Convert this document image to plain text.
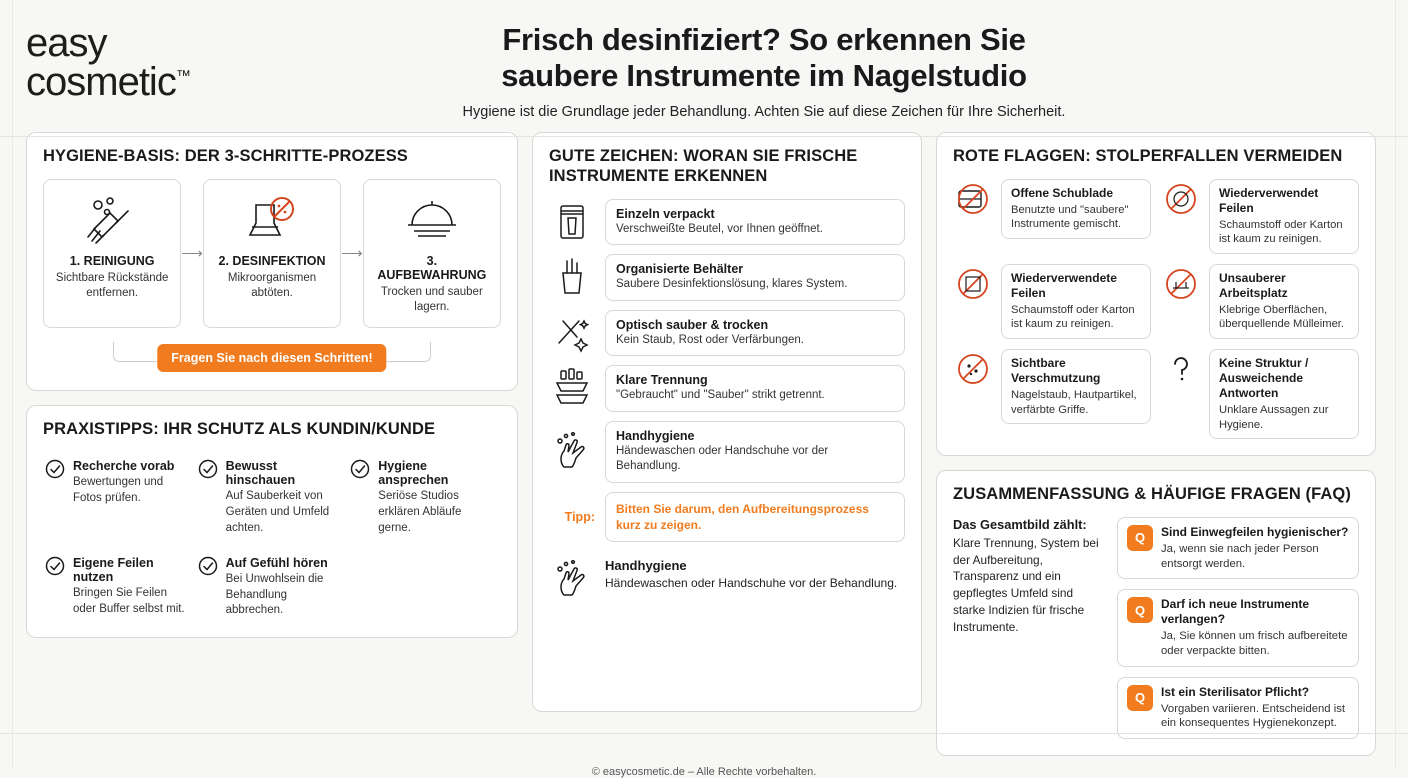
easy
cosmetic™
Frisch desinfiziert? So erkennen Sie
saubere Instrumente im Nagelstudio
Hygiene ist die Grundlage jeder Behandlung. Achten Sie auf diese Zeichen für Ihre Sicherheit.
HYGIENE-BASIS: DER 3-SCHRITTE-PROZESS
1. REINIGUNG
Sichtbare Rückstände entfernen.
⟶	2. DESINFEKTION
Mikroorganismen abtöten.
⟶	3. AUFBEWAHRUNG
Trocken und sauber lagern.
Fragen Sie nach diesen Schritten!
PRAXISTIPPS: IHR SCHUTZ ALS KUNDIN/KUNDE
Recherche vorab
Bewertungen und Fotos prüfen.
Bewusst hinschauen
Auf Sauberkeit von Geräten und Umfeld achten.
Hygiene ansprechen
Seriöse Studios erklären Abläufe gerne.
Eigene Feilen nutzen
Bringen Sie Feilen oder Buffer selbst mit.
Auf Gefühl hören
Bei Unwohlsein die Behandlung abbrechen.
GUTE ZEICHEN: WORAN SIE FRISCHE INSTRUMENTE ERKENNEN
Einzeln verpackt
Verschweißte Beutel, vor Ihnen geöffnet.
Organisierte Behälter
Saubere Desinfektionslösung, klares System.
Optisch sauber & trocken
Kein Staub, Rost oder Verfärbungen.
Klare Trennung
"Gebraucht" und "Sauber" strikt getrennt.
Handhygiene
Händewaschen oder Handschuhe vor der Behandlung.
Tipp:
Bitten Sie darum, den Aufbereitungsprozess kurz zu zeigen.
Handhygiene
Händewaschen oder Handschuhe vor der Behandlung.
ROTE FLAGGEN: STOLPERFALLEN VERMEIDEN
Offene Schublade
Benutzte und "saubere" Instrumente gemischt.
Wiederverwendet Feilen
Schaumstoff oder Karton ist kaum zu reinigen.
Wiederverwendete Feilen
Schaumstoff oder Karton ist kaum zu reinigen.
Unsauberer Arbeitsplatz
Klebrige Oberflächen, überquellende Mülleimer.
Sichtbare Verschmutzung
Nagelstaub, Hautpartikel, verfärbte Griffe.
Keine Struktur / Ausweichende Antworten
Unklare Aussagen zur Hygiene.
ZUSAMMENFASSUNG & HÄUFIGE FRAGEN (FAQ)
Das Gesamtbild zählt:
Klare Trennung, System bei der Aufbereitung, Transparenz und ein gepflegtes Umfeld sind starke Indizien für frische Instrumente.
Q	Sind Einwegfeilen hygienischer?
Ja, wenn sie nach jeder Person entsorgt werden.
Q	Darf ich neue Instrumente verlangen?
Ja, Sie können um frisch aufbereitete oder verpackte bitten.
Q	Ist ein Sterilisator Pflicht?
Vorgaben variieren. Entscheidend ist ein konsequentes Hygienekonzept.
© easycosmetic.de – Alle Rechte vorbehalten.
